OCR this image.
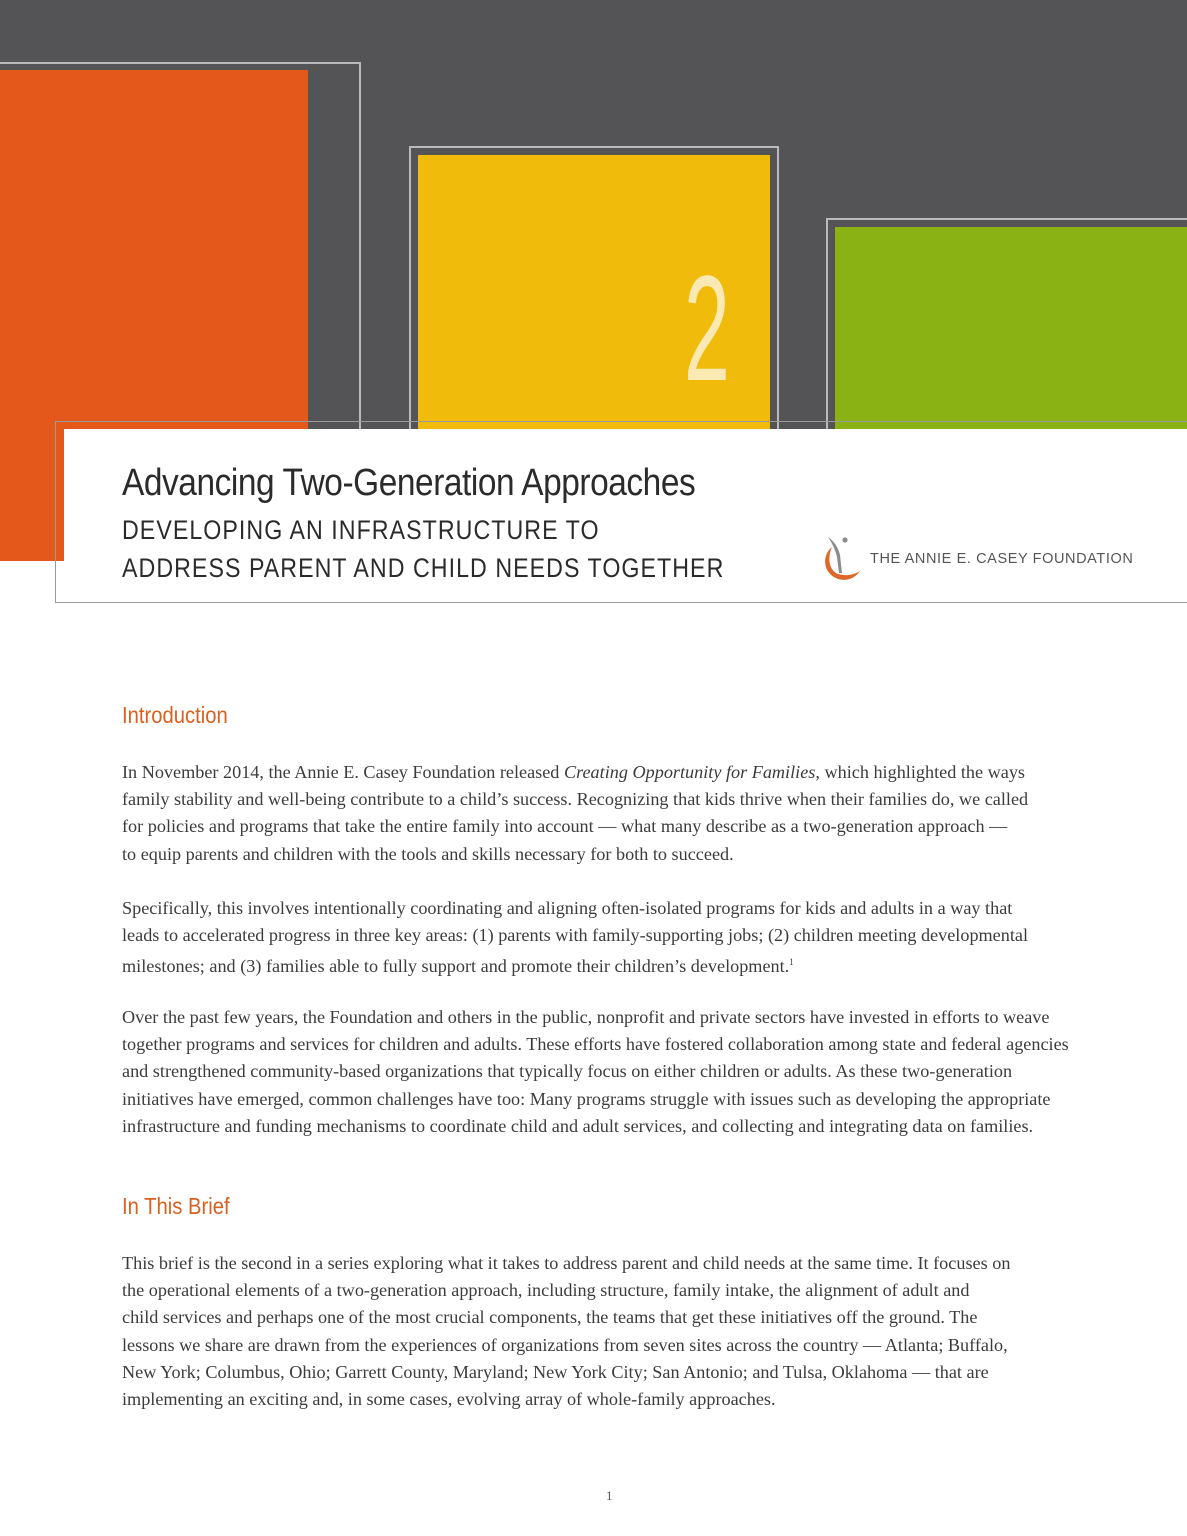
2
Advancing Two-Generation Approaches
DEVELOPING AN INFRASTRUCTURE TO
ADDRESS PARENT AND CHILD NEEDS TOGETHER	THE ANNIE E. CASEY FOUNDATION
Introduction
In November 2014, the Annie E. Casey Foundation released Creating Opportunity for Families, which highlighted the ways
family stability and well-being contribute to a child’s success. Recognizing that kids thrive when their families do, we called
for policies and programs that take the entire family into account — what many describe as a two-generation approach —
to equip parents and children with the tools and skills necessary for both to succeed.
Specifically, this involves intentionally coordinating and aligning often-isolated programs for kids and adults in a way that
leads to accelerated progress in three key areas: (1) parents with family-supporting jobs; (2) children meeting developmental
milestones; and (3) families able to fully support and promote their children’s development.$^1$
Over the past few years, the Foundation and others in the public, nonprofit and private sectors have invested in efforts to weave
together programs and services for children and adults. These efforts have fostered collaboration among state and federal agencies
and strengthened community-based organizations that typically focus on either children or adults. As these two-generation
initiatives have emerged, common challenges have too: Many programs struggle with issues such as developing the appropriate
infrastructure and funding mechanisms to coordinate child and adult services, and collecting and integrating data on families.
In This Brief
This brief is the second in a series exploring what it takes to address parent and child needs at the same time. It focuses on
the operational elements of a two-generation approach, including structure, family intake, the alignment of adult and
child services and perhaps one of the most crucial components, the teams that get these initiatives off the ground. The
lessons we share are drawn from the experiences of organizations from seven sites across the country — Atlanta; Buffalo,
New York; Columbus, Ohio; Garrett County, Maryland; New York City; San Antonio; and Tulsa, Oklahoma — that are
implementing an exciting and, in some cases, evolving array of whole-family approaches.
1
